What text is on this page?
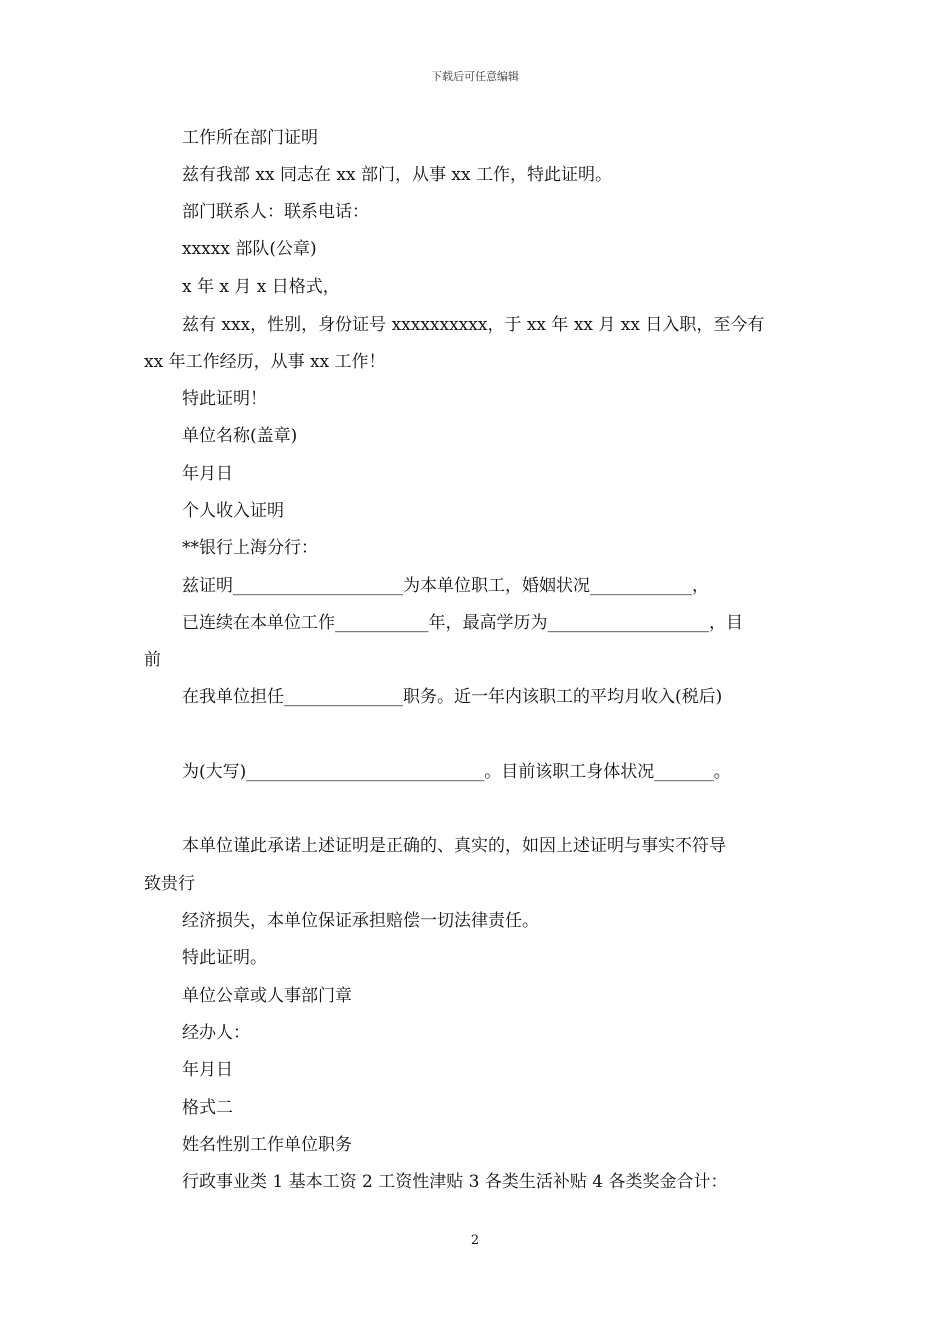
下载后可任意编辑
工作所在部门证明
兹有我部 xx 同志在 xx 部门，从事 xx 工作，特此证明。
部门联系人：联系电话：
xxxxx 部队(公章)
x 年 x 月 x 日格式，
兹有 xxx，性别，身份证号 xxxxxxxxxx，于 xx 年 xx 月 xx 日入职，至今有
xx 年工作经历，从事 xx 工作！
特此证明！
单位名称(盖章)
年月日
个人收入证明
**银行上海分行：
兹证明____________________为本单位职工，婚姻状况____________，
已连续在本单位工作___________年，最高学历为___________________，目
前
在我单位担任______________职务。近一年内该职工的平均月收入(税后)
为(大写)____________________________。目前该职工身体状况_______。
本单位谨此承诺上述证明是正确的、真实的，如因上述证明与事实不符导
致贵行
经济损失，本单位保证承担赔偿一切法律责任。
特此证明。
单位公章或人事部门章
经办人：
年月日
格式二
姓名性别工作单位职务
行政事业类 1 基本工资 2 工资性津贴 3 各类生活补贴 4 各类奖金合计：
2
